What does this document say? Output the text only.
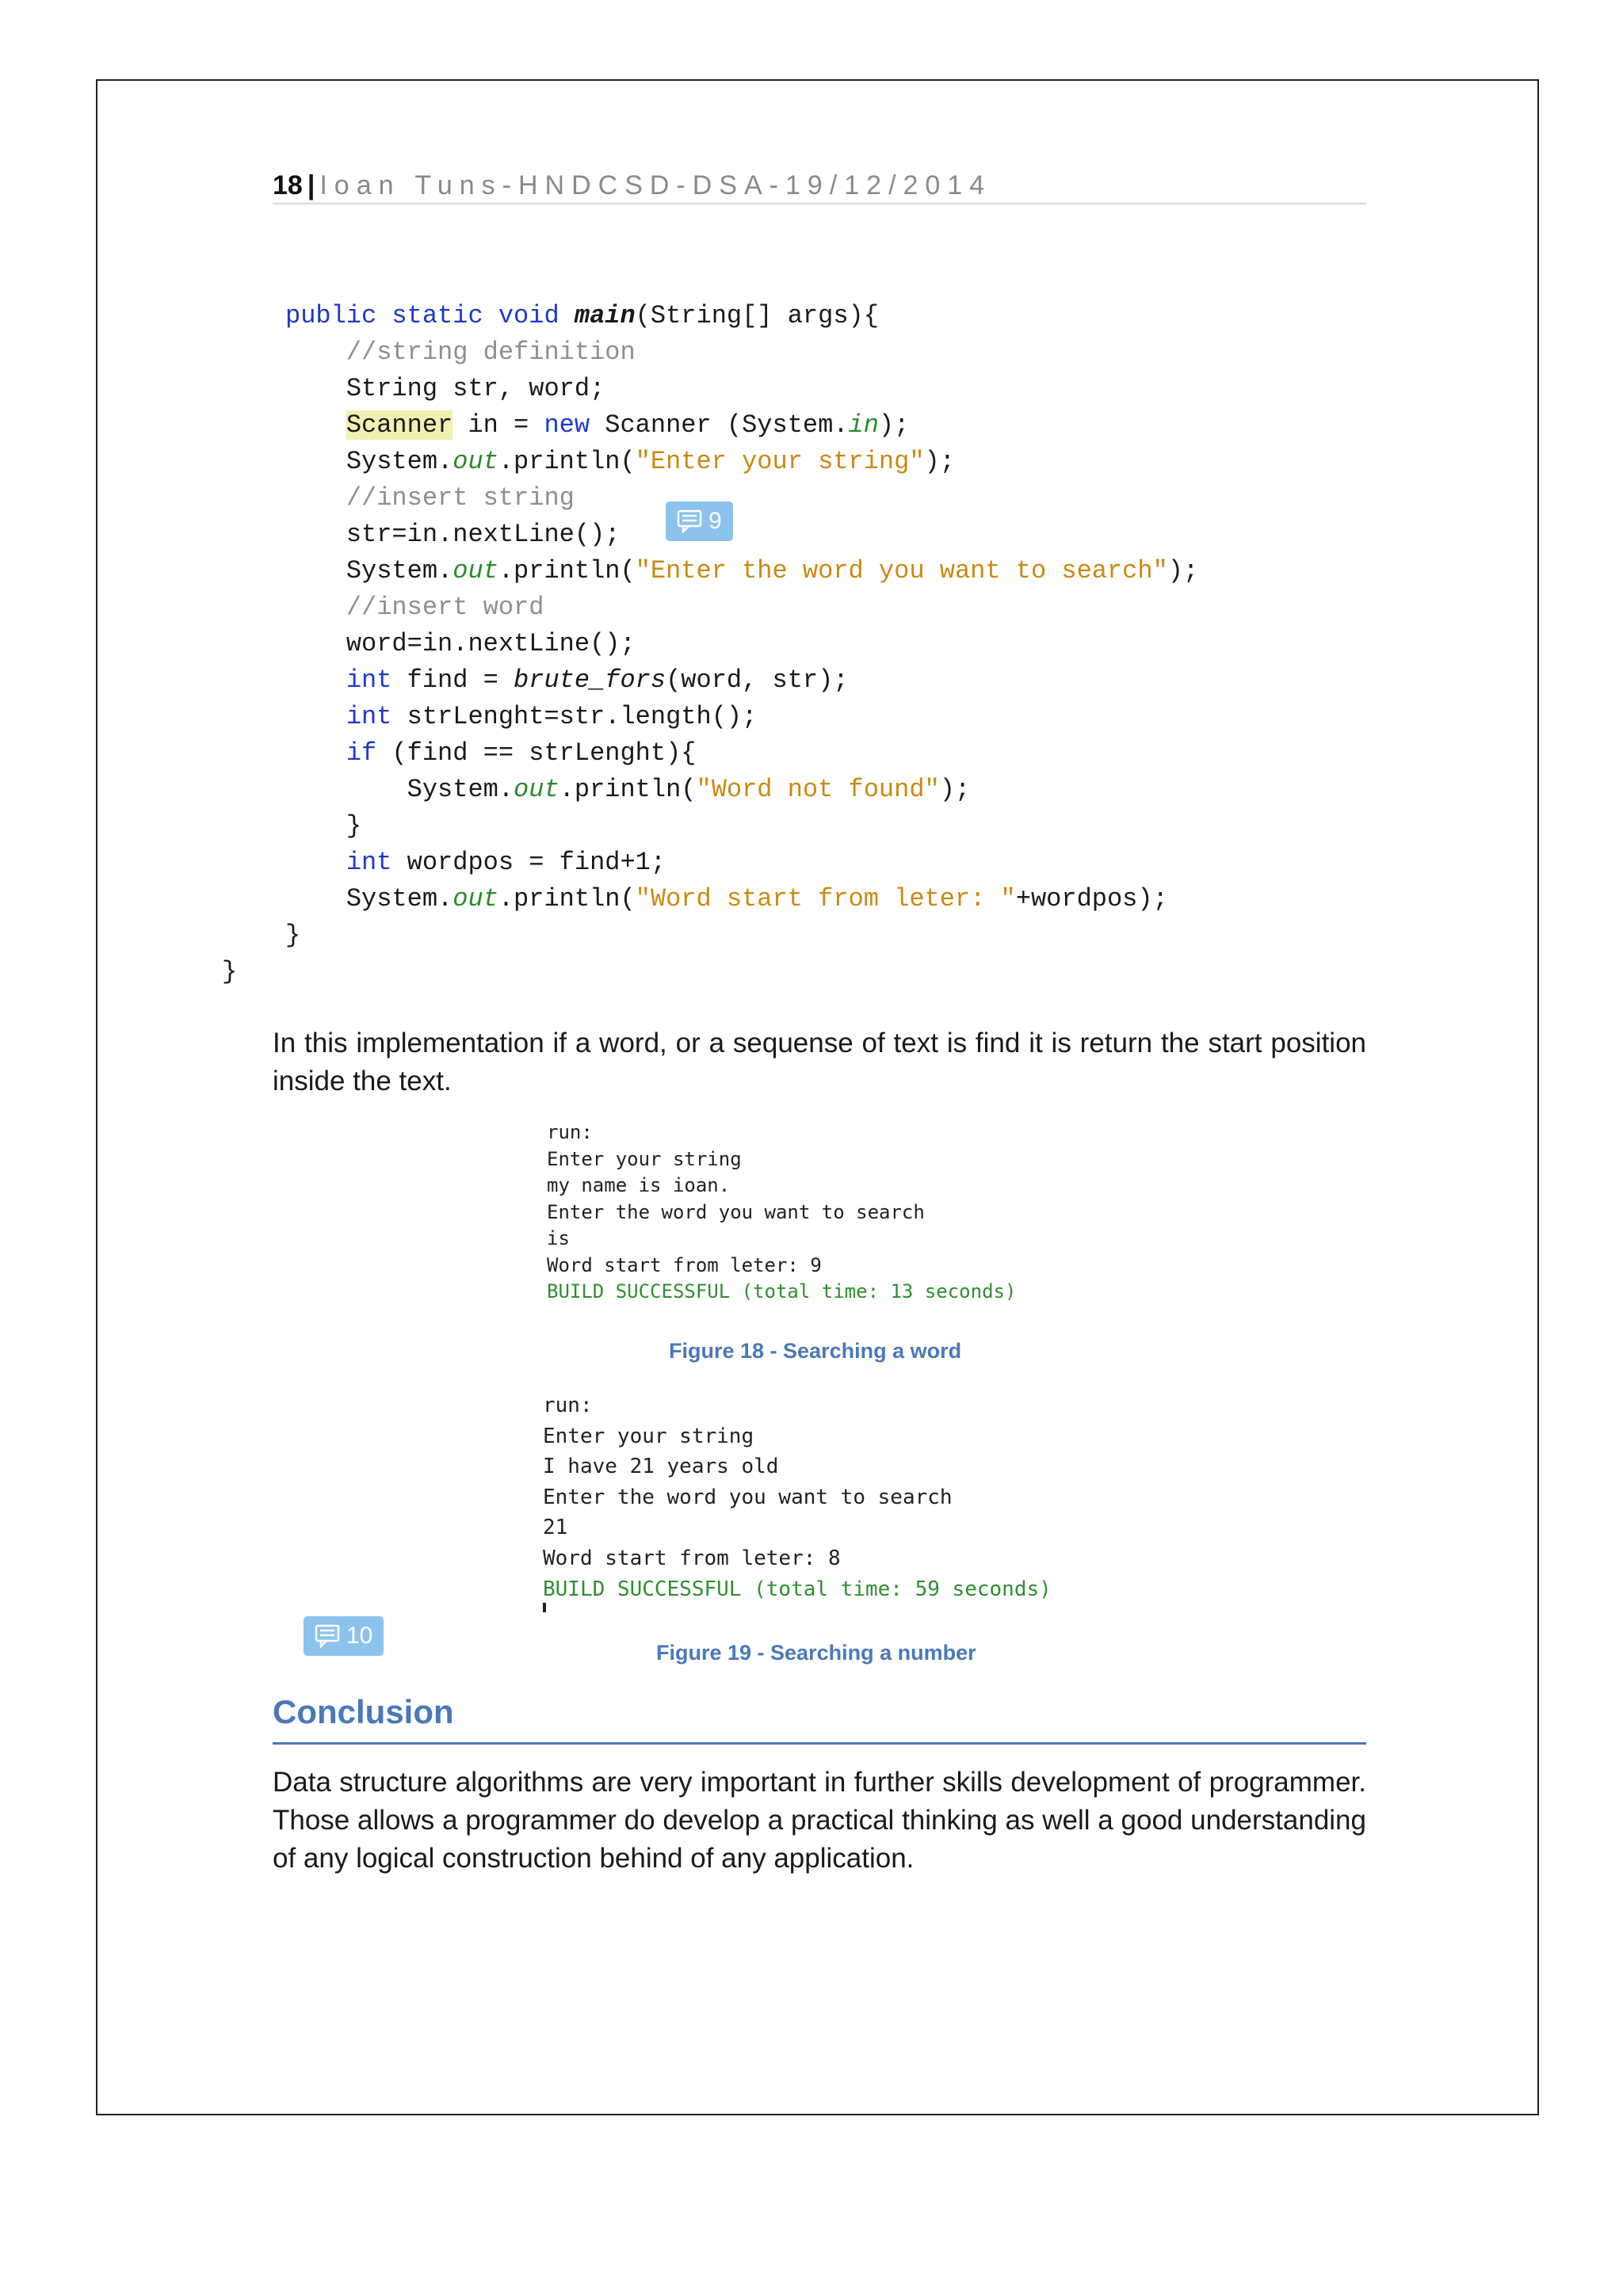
18 | Ioan Tuns-HNDCSD-DSA-19/12/2014
public static void main(String[] args){
//string definition
String str, word;
Scanner in = new Scanner (System.in);
System.out.println("Enter your string");
//insert string
str=in.nextLine();
System.out.println("Enter the word you want to search");
//insert word
word=in.nextLine();
int find = brute_fors(word, str);
int strLenght=str.length();
if (find == strLenght){
System.out.println("Word not found");
}
int wordpos = find+1;
System.out.println("Word start from leter: "+wordpos);
}
}
9

In this implementation if a word, or a sequense of text is find it is return the start position inside the text.

run:
Enter your string
my name is ioan.
Enter the word you want to search
is
Word start from leter: 9
BUILD SUCCESSFUL (total time: 13 seconds)
Figure 18 - Searching a word
run:
Enter your string
I have 21 years old
Enter the word you want to search
21
Word start from leter: 8
BUILD SUCCESSFUL (total time: 59 seconds)
10
Figure 19 - Searching a number
Conclusion

Data structure algorithms are very important in further skills development of programmer. Those allows a programmer do develop a practical thinking as well a good understanding of any logical construction behind of any application.
